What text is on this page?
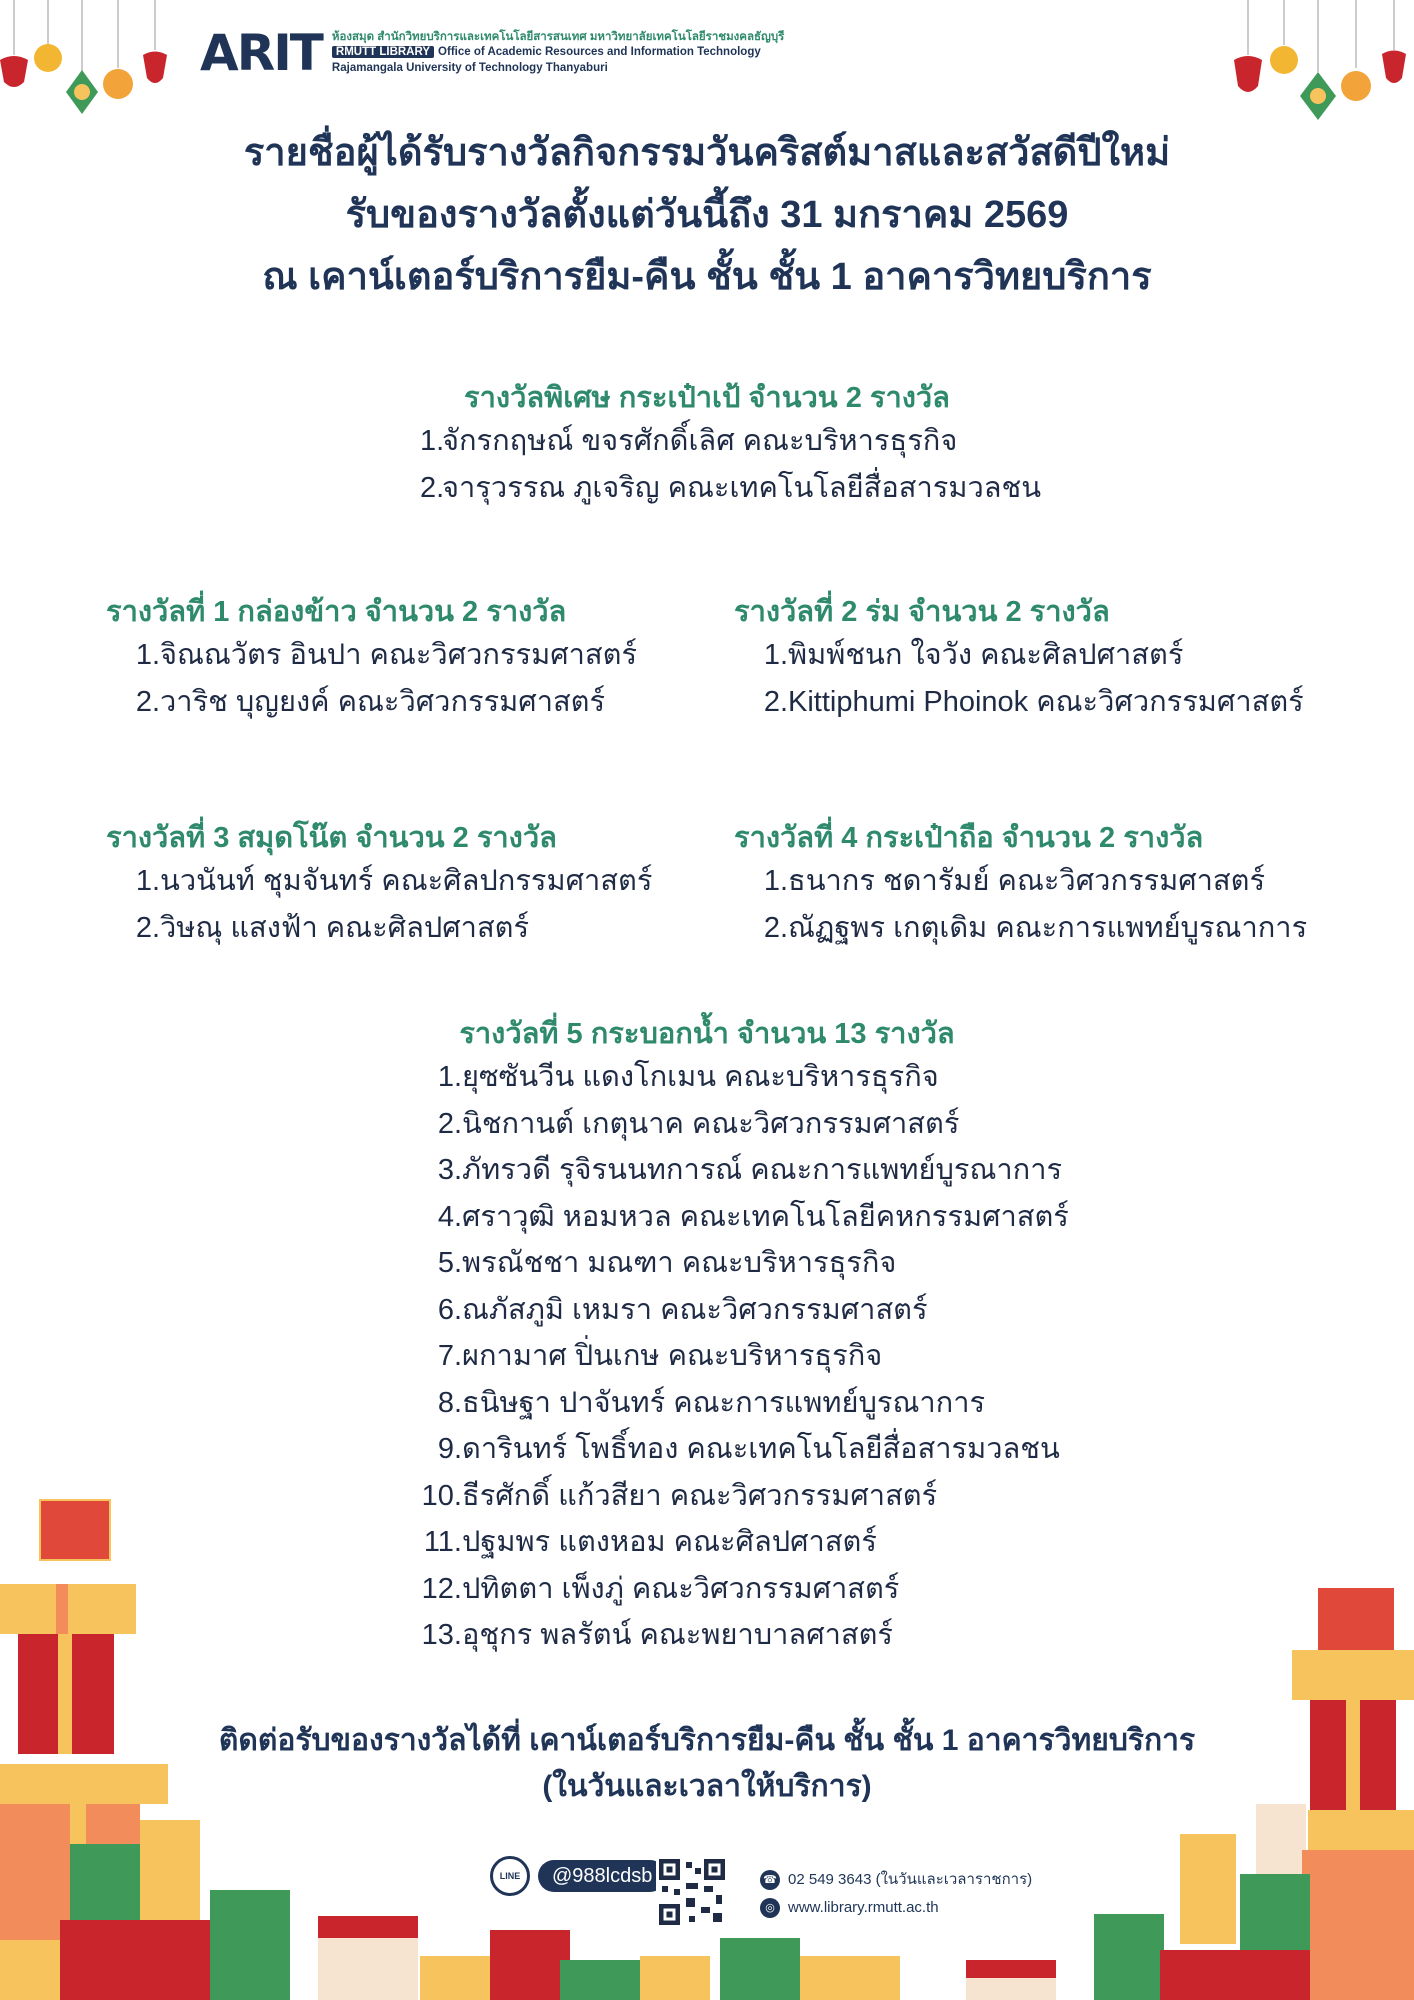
ARIT ห้องสมุด สำนักวิทยบริการและเทคโนโลยีสารสนเทศ มหาวิทยาลัยเทคโนโลยีราชมงคลธัญบุรี
RMUTT LIBRARY Office of Academic Resources and Information Technology
Rajamangala University of Technology Thanyaburi
รายชื่อผู้ได้รับรางวัลกิจกรรมวันคริสต์มาสและสวัสดีปีใหม่
รับของรางวัลตั้งแต่วันนี้ถึง 31 มกราคม 2569
ณ เคาน์เตอร์บริการยืม-คืน ชั้น ชั้น 1 อาคารวิทยบริการ
รางวัลพิเศษ กระเป๋าเป้ จำนวน 2 รางวัล
1.จักรกฤษณ์ ขจรศักดิ์เลิศ คณะบริหารธุรกิจ
2.จารุวรรณ ภูเจริญ คณะเทคโนโลยีสื่อสารมวลชน
รางวัลที่ 1 กล่องข้าว จำนวน 2 รางวัล
1.จิณณวัตร อินปา คณะวิศวกรรมศาสตร์
2.วาริช บุญยงค์ คณะวิศวกรรมศาสตร์
รางวัลที่ 2 ร่ม จำนวน 2 รางวัล
1.พิมพ์ชนก ใจวัง คณะศิลปศาสตร์
2.Kittiphumi Phoinok คณะวิศวกรรมศาสตร์
รางวัลที่ 3 สมุดโน๊ต จำนวน 2 รางวัล
1.นวนันท์ ชุมจันทร์ คณะศิลปกรรมศาสตร์
2.วิษณุ แสงฟ้า คณะศิลปศาสตร์
รางวัลที่ 4 กระเป๋าถือ จำนวน 2 รางวัล
1.ธนากร ชดารัมย์ คณะวิศวกรรมศาสตร์
2.ณัฏฐพร เกตุเดิม คณะการแพทย์บูรณาการ
รางวัลที่ 5 กระบอกน้ำ จำนวน 13 รางวัล
1.ยุซซันวีน แดงโกเมน คณะบริหารธุรกิจ
2.นิชกานต์ เกตุนาค คณะวิศวกรรมศาสตร์
3.ภัทรวดี รุจิรนนทการณ์ คณะการแพทย์บูรณาการ
4.ศราวุฒิ หอมหวล คณะเทคโนโลยีคหกรรมศาสตร์
5.พรณัชชา มณฑา คณะบริหารธุรกิจ
6.ณภัสภูมิ เหมรา คณะวิศวกรรมศาสตร์
7.ผกามาศ ปิ่นเกษ คณะบริหารธุรกิจ
8.ธนิษฐา ปาจันทร์ คณะการแพทย์บูรณาการ
9.ดารินทร์ โพธิ์ทอง คณะเทคโนโลยีสื่อสารมวลชน
10.ธีรศักดิ์ แก้วสียา คณะวิศวกรรมศาสตร์
11.ปฐมพร แตงหอม คณะศิลปศาสตร์
12.ปทิตตา เพ็งภู่ คณะวิศวกรรมศาสตร์
13.อุชุกร พลรัตน์ คณะพยาบาลศาสตร์
ติดต่อรับของรางวัลได้ที่ เคาน์เตอร์บริการยืม-คืน ชั้น ชั้น 1 อาคารวิทยบริการ
(ในวันและเวลาให้บริการ)
LINE	@988lcdsb	☎ 02 549 3643 (ในวันและเวลาราชการ)
◎ www.library.rmutt.ac.th
